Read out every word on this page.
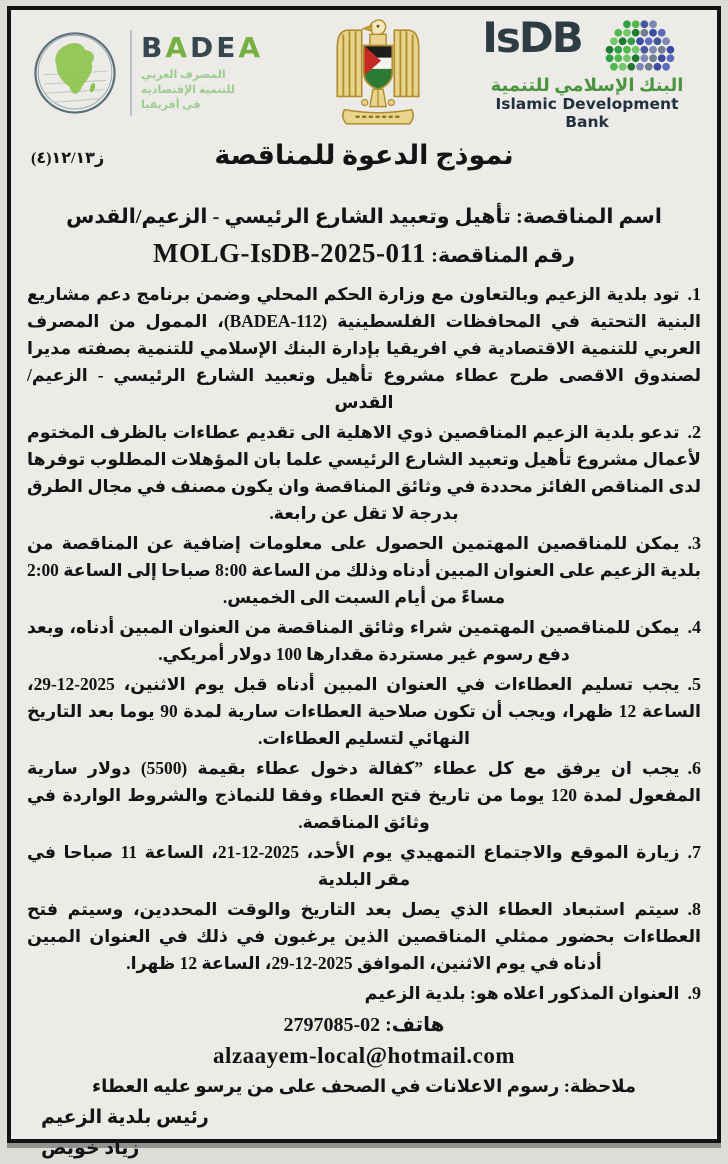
IsDB
البنك الإسلامي للتنمية
Islamic Development Bank
BADEA
المصرف العربي
للتنمية الإقتصادية
في أفريقيا
ز١٢/١٣(٤)	نموذج الدعوة للمناقصة
اسم المناقصة: تأهيل وتعبيد الشارع الرئيسي - الزعيم/القدس
رقم المناقصة: MOLG-IsDB-2025-011
1.تود بلدية الزعيم وبالتعاون مع وزارة الحكم المحلي وضمن برنامج دعم مشاريع البنية التحتية في المحافظات الفلسطينية ⁦(BADEA-112)⁩، الممول من المصرف العربي للتنمية الاقتصادية في افريقيا بإدارة البنك الإسلامي للتنمية بصفته مديرا لصندوق الاقصى طرح عطاء مشروع تأهيل وتعبيد الشارع الرئيسي - الزعيم/القدس
2.تدعو بلدية الزعيم المناقصين ذوي الاهلية الى تقديم عطاءات بالظرف المختوم لأعمال مشروع تأهيل وتعبيد الشارع الرئيسي علما بان المؤهلات المطلوب توفرها لدى المناقص الفائز محددة في وثائق المناقصة وان يكون مصنف في مجال الطرق بدرجة لا تقل عن رابعة.
3.يمكن للمناقصين المهتمين الحصول على معلومات إضافية عن المناقصة من بلدية الزعيم على العنوان المبين أدناه وذلك من الساعة 8:00 صباحا إلى الساعة 2:00 مساءً من أيام السبت الى الخميس.
4.يمكن للمناقصين المهتمين شراء وثائق المناقصة من العنوان المبين أدناه، وبعد دفع رسوم غير مستردة مقدارها 100 دولار أمريكي.
5.يجب تسليم العطاءات في العنوان المبين أدناه قبل يوم الاثنين، 2025-12-29، الساعة 12 ظهرا، ويجب أن تكون صلاحية العطاءات سارية لمدة 90 يوما بعد التاريخ النهائي لتسليم العطاءات.
6.يجب ان يرفق مع كل عطاء ”كفالة دخول عطاء بقيمة (5500) دولار سارية المفعول لمدة 120 يوما من تاريخ فتح العطاء وفقا للنماذج والشروط الواردة في وثائق المناقصة.
7.زيارة الموقع والاجتماع التمهيدي يوم الأحد، 2025-12-21، الساعة 11 صباحا في مقر البلدية
8.سيتم استبعاد العطاء الذي يصل بعد التاريخ والوقت المحددين، وسيتم فتح العطاءات بحضور ممثلي المناقصين الذين يرغبون في ذلك في العنوان المبين أدناه في يوم الاثنين، الموافق 2025-12-29، الساعة 12 ظهرا.
9.العنوان المذكور اعلاه هو: بلدية الزعيم
هاتف: 02-2797085
alzaayem-local@hotmail.com
ملاحظة: رسوم الاعلانات في الصحف على من يرسو عليه العطاء
رئيس بلدية الزعيم
زياد خويص
